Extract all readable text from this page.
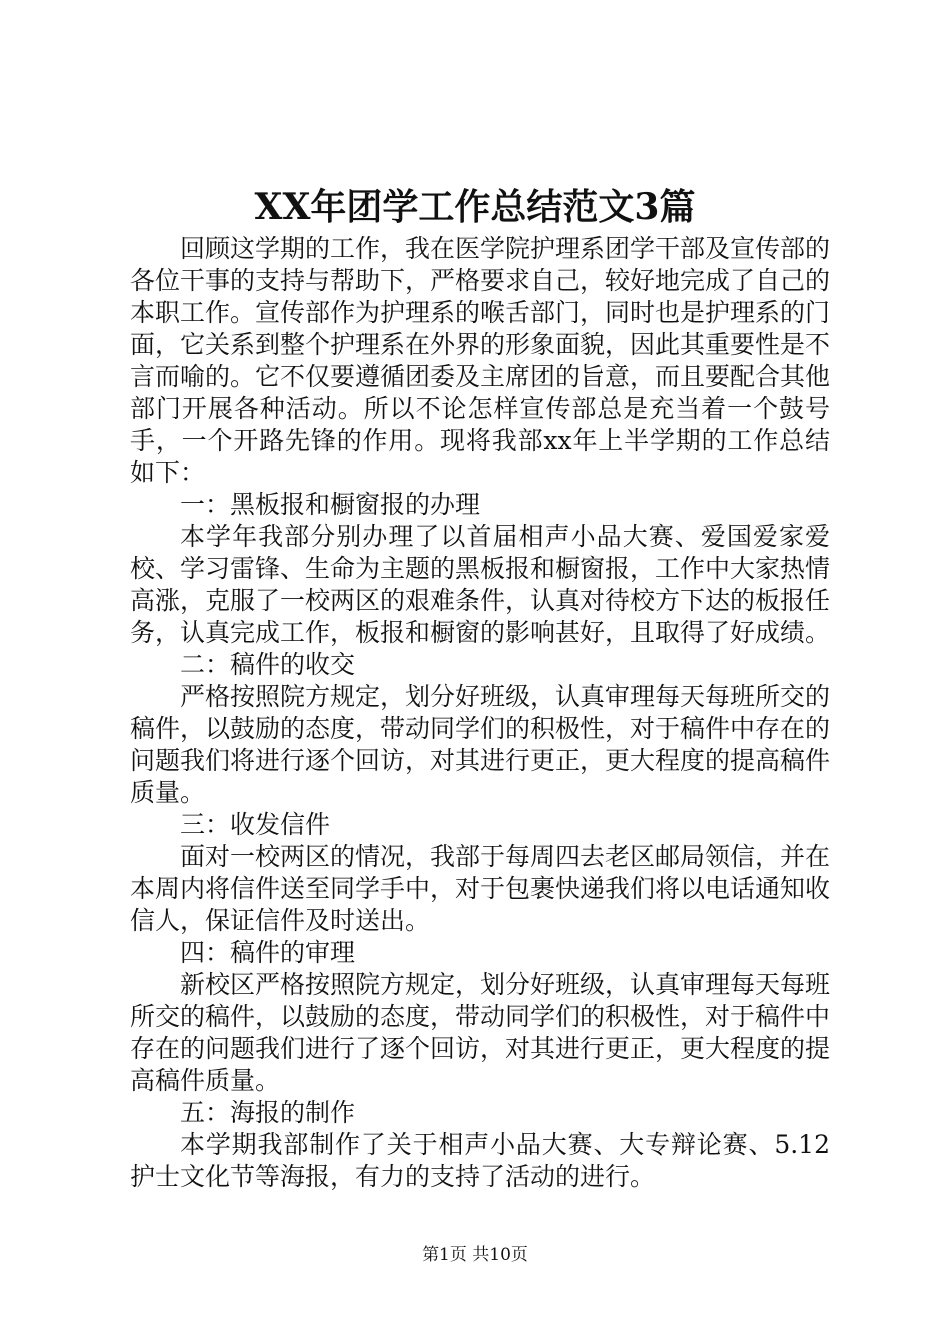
XX年团学工作总结范文3篇

回顾这学期的工作，我在医学院护理系团学干部及宣传部的各位干事的支持与帮助下，严格要求自己，较好地完成了自己的本职工作。宣传部作为护理系的喉舌部门，同时也是护理系的门面，它关系到整个护理系在外界的形象面貌，因此其重要性是不言而喻的。它不仅要遵循团委及主席团的旨意，而且要配合其他部门开展各种活动。所以不论怎样宣传部总是充当着一个鼓号手，一个开路先锋的作用。现将我部xx年上半学期的工作总结如下：

一：黑板报和橱窗报的办理

本学年我部分别办理了以首届相声小品大赛、爱国爱家爱校、学习雷锋、生命为主题的黑板报和橱窗报，工作中大家热情高涨，克服了一校两区的艰难条件，认真对待校方下达的板报任务，认真完成工作，板报和橱窗的影响甚好，且取得了好成绩。

二：稿件的收交

严格按照院方规定，划分好班级，认真审理每天每班所交的稿件，以鼓励的态度，带动同学们的积极性，对于稿件中存在的问题我们将进行逐个回访，对其进行更正，更大程度的提高稿件质量。

三：收发信件

面对一校两区的情况，我部于每周四去老区邮局领信，并在本周内将信件送至同学手中，对于包裹快递我们将以电话通知收信人，保证信件及时送出。

四：稿件的审理

新校区严格按照院方规定，划分好班级，认真审理每天每班所交的稿件，以鼓励的态度，带动同学们的积极性，对于稿件中存在的问题我们进行了逐个回访，对其进行更正，更大程度的提高稿件质量。

五：海报的制作

本学期我部制作了关于相声小品大赛、大专辩论赛、5.12护士文化节等海报，有力的支持了活动的进行。

第1页 共10页
